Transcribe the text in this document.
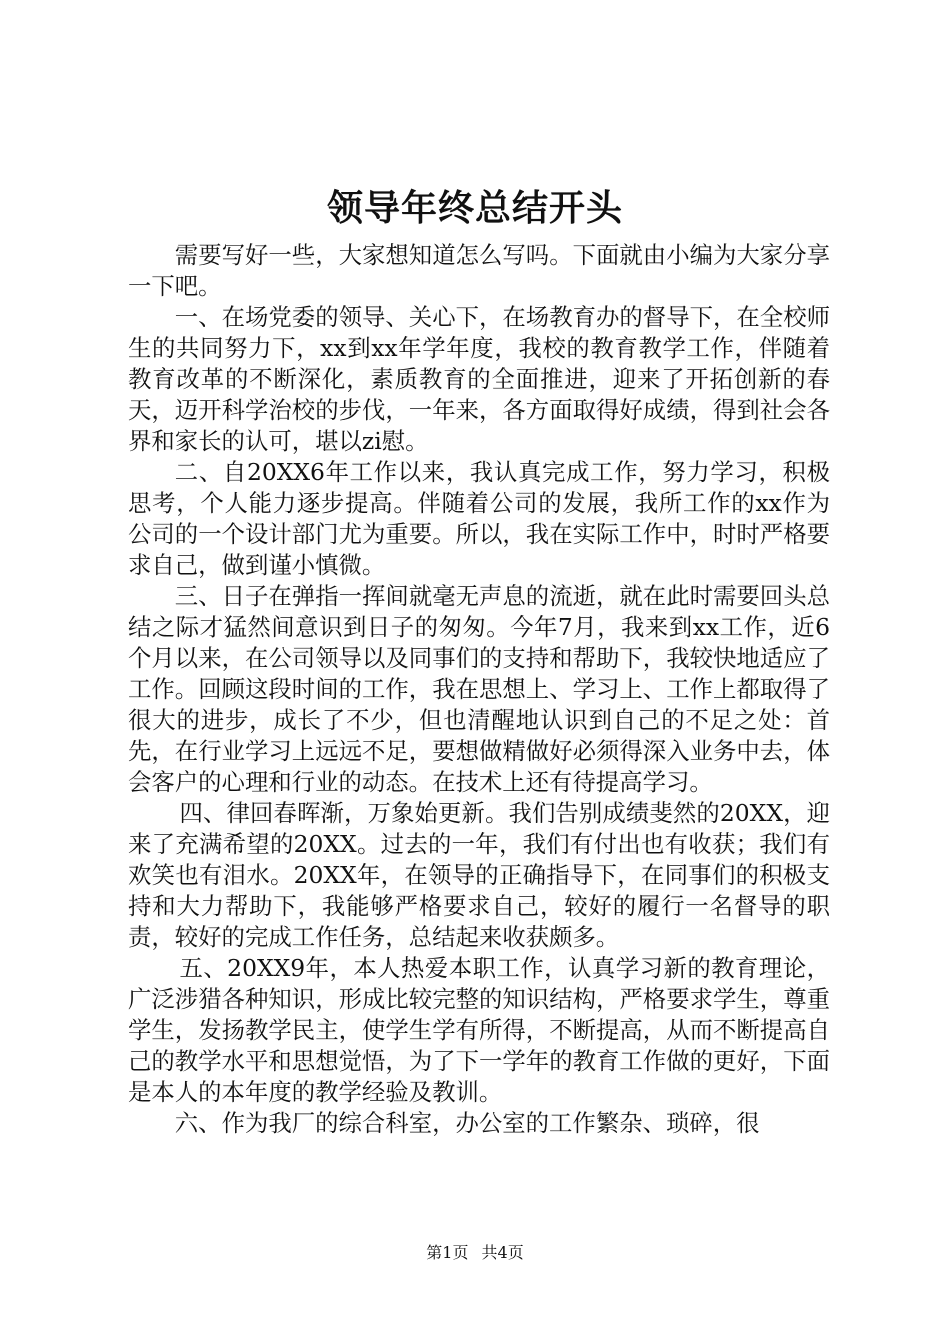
领导年终总结开头

需要写好一些，大家想知道怎么写吗。下面就由小编为大家分享一下吧。

一、在场党委的领导、关心下，在场教育办的督导下，在全校师生的共同努力下，xx到xx年学年度，我校的教育教学工作，伴随着教育改革的不断深化，素质教育的全面推进，迎来了开拓创新的春天，迈开科学治校的步伐，一年来，各方面取得好成绩，得到社会各界和家长的认可，堪以zi慰。

二、自20XX6年工作以来，我认真完成工作，努力学习，积极思考，个人能力逐步提高。伴随着公司的发展，我所工作的xx作为公司的一个设计部门尤为重要。所以，我在实际工作中，时时严格要求自己，做到谨小慎微。

三、日子在弹指一挥间就毫无声息的流逝，就在此时需要回头总结之际才猛然间意识到日子的匆匆。今年7月，我来到xx工作，近6个月以来，在公司领导以及同事们的支持和帮助下，我较快地适应了工作。回顾这段时间的工作，我在思想上、学习上、工作上都取得了很大的进步，成长了不少，但也清醒地认识到自己的不足之处：首先，在行业学习上远远不足，要想做精做好必须得深入业务中去，体会客户的心理和行业的动态。在技术上还有待提高学习。

四、律回春晖渐，万象始更新。我们告别成绩斐然的20XX，迎来了充满希望的20XX。过去的一年，我们有付出也有收获；我们有欢笑也有泪水。20XX年，在领导的正确指导下，在同事们的积极支持和大力帮助下，我能够严格要求自己，较好的履行一名督导的职责，较好的完成工作任务，总结起来收获颇多。

五、20XX9年，本人热爱本职工作，认真学习新的教育理论，广泛涉猎各种知识，形成比较完整的知识结构，严格要求学生，尊重学生，发扬教学民主，使学生学有所得，不断提高，从而不断提高自己的教学水平和思想觉悟，为了下一学年的教育工作做的更好，下面是本人的本年度的教学经验及教训。

六、作为我厂的综合科室，办公室的工作繁杂、琐碎，很

第1页 共4页
